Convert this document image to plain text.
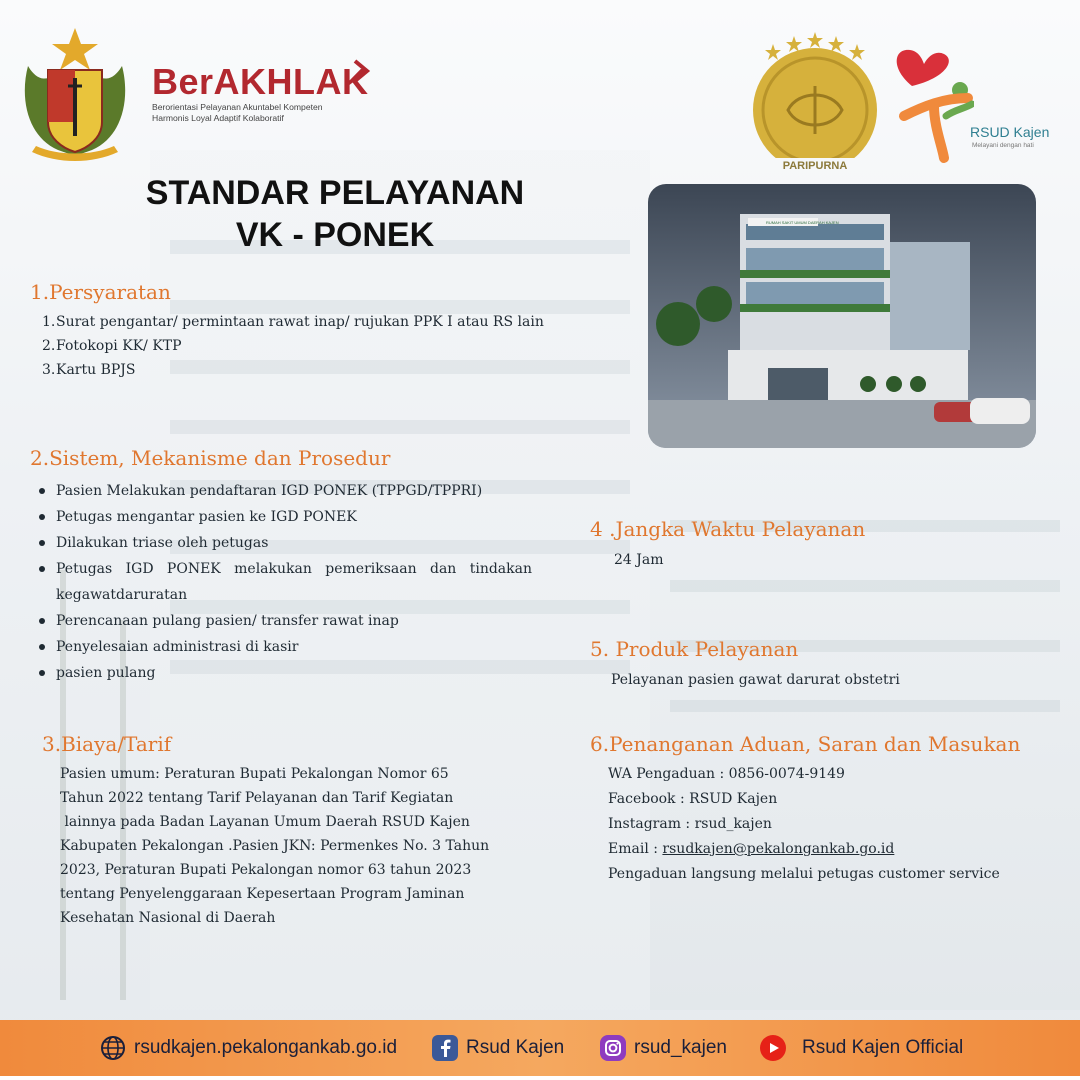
BerAKHLAK
Berorientasi Pelayanan Akuntabel Kompeten
Harmonis Loyal Adaptif Kolaboratif
PARIPURNA
RSUD Kajen
Melayani dengan hati
STANDAR PELAYANAN
VK - PONEK	RUMAH SAKIT UMUM DAERAH KAJEN
1.Persyaratan
1. Surat pengantar/ permintaan rawat inap/ rujukan PPK I atau RS lain
2. Fotokopi KK/ KTP
3. Kartu BPJS
2.Sistem, Mekanisme dan Prosedur
Pasien Melakukan pendaftaran IGD PONEK (TPPGD/TPPRI)
Petugas mengantar pasien ke IGD PONEK
Dilakukan triase oleh petugas
Petugas IGD PONEK melakukan pemeriksaan dan tindakan kegawatdaruratan
Perencanaan pulang pasien/ transfer rawat inap
Penyelesaian administrasi di kasir
pasien pulang
3.Biaya/Tarif
Pasien umum: Peraturan Bupati Pekalongan Nomor 65
Tahun 2022 tentang Tarif Pelayanan dan Tarif Kegiatan
lainnya pada Badan Layanan Umum Daerah RSUD Kajen
Kabupaten Pekalongan .Pasien JKN: Permenkes No. 3 Tahun
2023, Peraturan Bupati Pekalongan nomor 63 tahun 2023
tentang Penyelenggaraan Kepesertaan Program Jaminan
Kesehatan Nasional di Daerah
4 .Jangka Waktu Pelayanan
24 Jam
5. Produk Pelayanan
Pelayanan pasien gawat darurat obstetri
6.Penanganan Aduan, Saran dan Masukan
WA Pengaduan : 0856-0074-9149
Facebook : RSUD Kajen
Instagram : rsud_kajen
Email : rsudkajen@pekalongankab.go.id
Pengaduan langsung melalui petugas customer service
rsudkajen.pekalongankab.go.id	Rsud Kajen	rsud_kajen	Rsud Kajen Official
